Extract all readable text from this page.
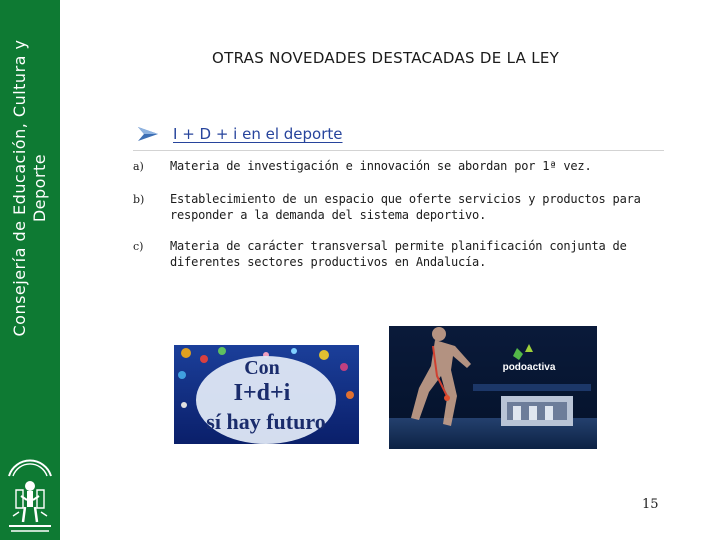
Consejería de Educación, Cultura y Deporte
OTRAS NOVEDADES DESTACADAS DE LA LEY
I + D + i en el deporte
a)	Materia de investigación e innovación se abordan por 1ª vez.
b)	Establecimiento de un espacio que oferte servicios y productos para responder a la demanda del sistema deportivo.
c)	Materia de carácter transversal permite planificación conjunta de diferentes sectores productivos en Andalucía.
Con
I+d+i
sí hay futuro
podoactiva
15
